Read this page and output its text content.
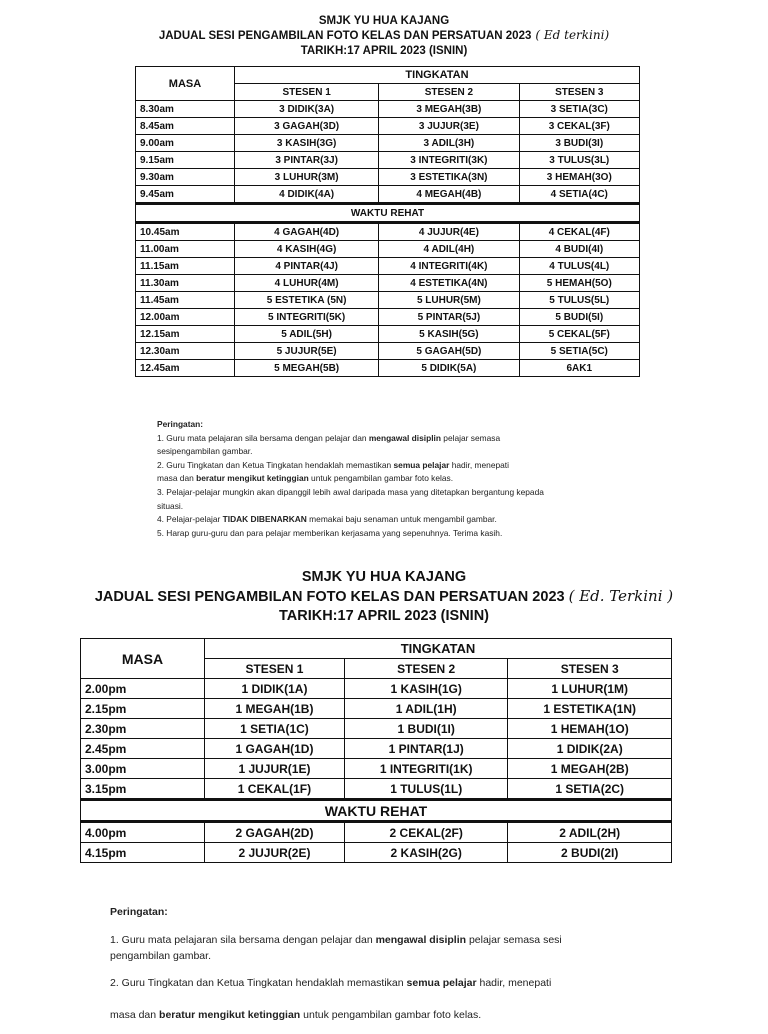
SMJK YU HUA KAJANG
JADUAL SESI PENGAMBILAN FOTO KELAS DAN PERSATUAN 2023 ( Ed terkini)
TARIKH:17 APRIL 2023 (ISNIN)
MASA	TINGKATAN		
	STESEN 1	STESEN 2	STESEN 3
8.30am	3 DIDIK(3A)	3 MEGAH(3B)	3 SETIA(3C)
8.45am	3 GAGAH(3D)	3 JUJUR(3E)	3 CEKAL(3F)
9.00am	3 KASIH(3G)	3 ADIL(3H)	3 BUDI(3I)
9.15am	3 PINTAR(3J)	3 INTEGRITI(3K)	3 TULUS(3L)
9.30am	3 LUHUR(3M)	3 ESTETIKA(3N)	3 HEMAH(3O)
9.45am	4 DIDIK(4A)	4 MEGAH(4B)	4 SETIA(4C)
WAKTU REHAT			
10.45am	4 GAGAH(4D)	4 JUJUR(4E)	4 CEKAL(4F)
11.00am	4 KASIH(4G)	4 ADIL(4H)	4 BUDI(4I)
11.15am	4 PINTAR(4J)	4 INTEGRITI(4K)	4 TULUS(4L)
11.30am	4 LUHUR(4M)	4 ESTETIKA(4N)	5 HEMAH(5O)
11.45am	5 ESTETIKA (5N)	5 LUHUR(5M)	5 TULUS(5L)
12.00am	5 INTEGRITI(5K)	5 PINTAR(5J)	5 BUDI(5I)
12.15am	5 ADIL(5H)	5 KASIH(5G)	5 CEKAL(5F)
12.30am	5 JUJUR(5E)	5 GAGAH(5D)	5 SETIA(5C)
12.45am	5 MEGAH(5B)	5 DIDIK(5A)	6AK1
Peringatan:
1. Guru mata pelajaran sila bersama dengan pelajar dan mengawal disiplin pelajar semasa
sesipengambilan gambar.
2. Guru Tingkatan dan Ketua Tingkatan hendaklah memastikan semua pelajar hadir, menepati
masa dan beratur mengikut ketinggian untuk pengambilan gambar foto kelas.
3. Pelajar-pelajar mungkin akan dipanggil lebih awal daripada masa yang ditetapkan bergantung kepada
situasi.
4. Pelajar-pelajar TIDAK DIBENARKAN memakai baju senaman untuk mengambil gambar.
5. Harap guru-guru dan para pelajar memberikan kerjasama yang sepenuhnya. Terima kasih.
SMJK YU HUA KAJANG
JADUAL SESI PENGAMBILAN FOTO KELAS DAN PERSATUAN 2023 ( Ed. Terkini )
TARIKH:17 APRIL 2023 (ISNIN)
MASA	TINGKATAN		
	STESEN 1	STESEN 2	STESEN 3
2.00pm	1 DIDIK(1A)	1 KASIH(1G)	1 LUHUR(1M)
2.15pm	1 MEGAH(1B)	1 ADIL(1H)	1 ESTETIKA(1N)
2.30pm	1 SETIA(1C)	1 BUDI(1I)	1 HEMAH(1O)
2.45pm	1 GAGAH(1D)	1 PINTAR(1J)	1 DIDIK(2A)
3.00pm	1 JUJUR(1E)	1 INTEGRITI(1K)	1 MEGAH(2B)
3.15pm	1 CEKAL(1F)	1 TULUS(1L)	1 SETIA(2C)
WAKTU REHAT			
4.00pm	2 GAGAH(2D)	2 CEKAL(2F)	2 ADIL(2H)
4.15pm	2 JUJUR(2E)	2 KASIH(2G)	2 BUDI(2I)
Peringatan:
1. Guru mata pelajaran sila bersama dengan pelajar dan mengawal disiplin pelajar semasa sesi
pengambilan gambar.
2. Guru Tingkatan dan Ketua Tingkatan hendaklah memastikan semua pelajar hadir, menepati

masa dan beratur mengikut ketinggian untuk pengambilan gambar foto kelas.
